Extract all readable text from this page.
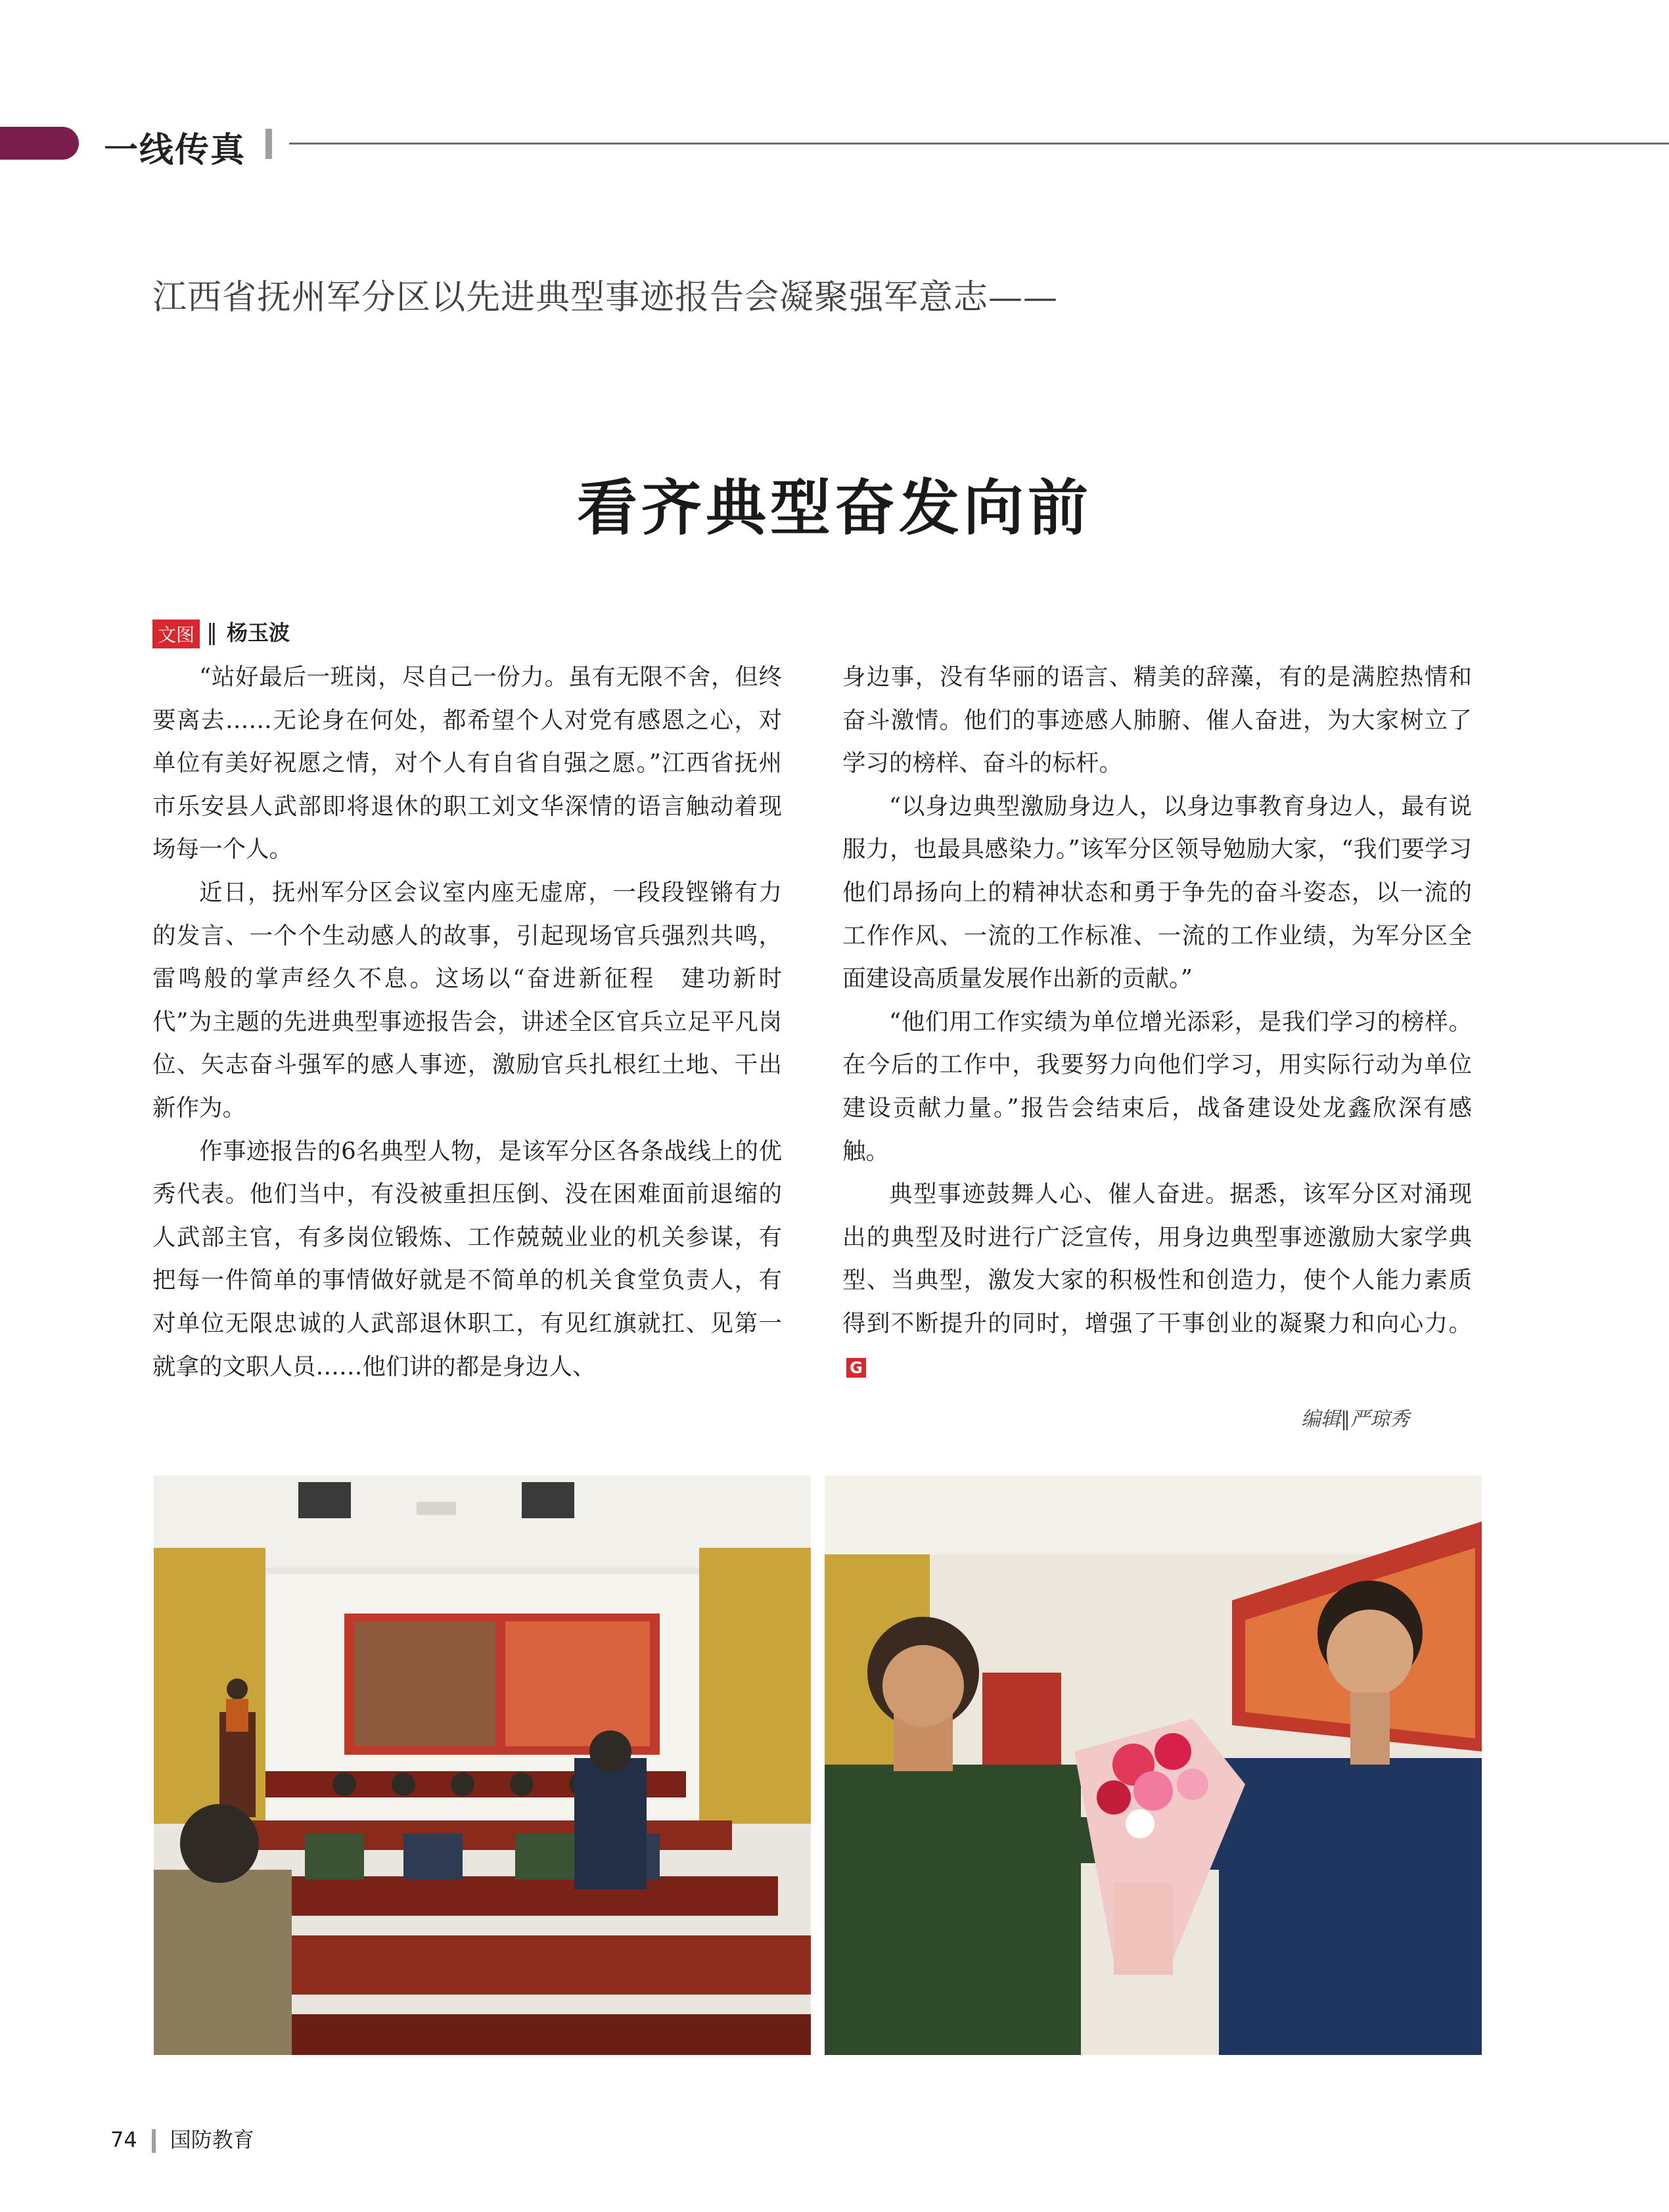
一线传真
江西省抚州军分区以先进典型事迹报告会凝聚强军意志——
看齐典型奋发向前
文图 ‖ 杨玉波

“站好最后一班岗，尽自己一份力。虽有无限不舍，但终要离去……无论身在何处，都希望个人对党有感恩之心，对单位有美好祝愿之情，对个人有自省自强之愿。”江西省抚州市乐安县人武部即将退休的职工刘文华深情的语言触动着现场每一个人。

近日，抚州军分区会议室内座无虚席，一段段铿锵有力的发言、一个个生动感人的故事，引起现场官兵强烈共鸣，雷鸣般的掌声经久不息。这场以“奋进新征程　建功新时代”为主题的先进典型事迹报告会，讲述全区官兵立足平凡岗位、矢志奋斗强军的感人事迹，激励官兵扎根红土地、干出新作为。

作事迹报告的6名典型人物，是该军分区各条战线上的优秀代表。他们当中，有没被重担压倒、没在困难面前退缩的人武部主官，有多岗位锻炼、工作兢兢业业的机关参谋，有把每一件简单的事情做好就是不简单的机关食堂负责人，有对单位无限忠诚的人武部退休职工，有见红旗就扛、见第一就拿的文职人员……他们讲的都是身边人、

身边事，没有华丽的语言、精美的辞藻，有的是满腔热情和奋斗激情。他们的事迹感人肺腑、催人奋进，为大家树立了学习的榜样、奋斗的标杆。

“以身边典型激励身边人，以身边事教育身边人，最有说服力，也最具感染力。”该军分区领导勉励大家，“我们要学习他们昂扬向上的精神状态和勇于争先的奋斗姿态，以一流的工作作风、一流的工作标准、一流的工作业绩，为军分区全面建设高质量发展作出新的贡献。”

“他们用工作实绩为单位增光添彩，是我们学习的榜样。在今后的工作中，我要努力向他们学习，用实际行动为单位建设贡献力量。”报告会结束后，战备建设处龙鑫欣深有感触。

典型事迹鼓舞人心、催人奋进。据悉，该军分区对涌现出的典型及时进行广泛宣传，用身边典型事迹激励大家学典型、当典型，激发大家的积极性和创造力，使个人能力素质得到不断提升的同时，增强了干事创业的凝聚力和向心力。G

编辑‖严琼秀
74 国防教育
